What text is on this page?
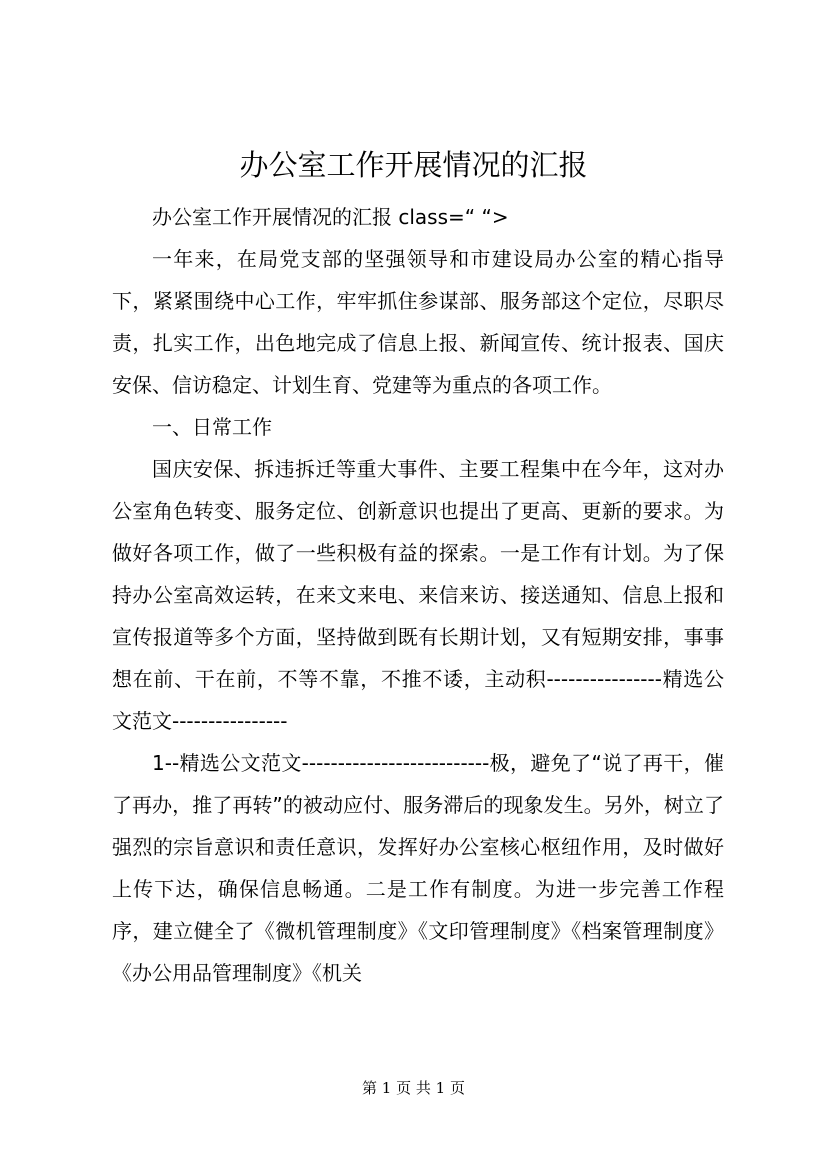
办公室工作开展情况的汇报

办公室工作开展情况的汇报 class=“ “>

一年来，在局党支部的坚强领导和市建设局办公室的精心指导下，紧紧围绕中心工作，牢牢抓住参谋部、服务部这个定位，尽职尽责，扎实工作，出色地完成了信息上报、新闻宣传、统计报表、国庆安保、信访稳定、计划生育、党建等为重点的各项工作。

一、日常工作

国庆安保、拆违拆迁等重大事件、主要工程集中在今年，这对办公室角色转变、服务定位、创新意识也提出了更高、更新的要求。为做好各项工作，做了一些积极有益的探索。一是工作有计划。为了保持办公室高效运转，在来文来电、来信来访、接送通知、信息上报和宣传报道等多个方面，坚持做到既有长期计划，又有短期安排，事事想在前、干在前，不等不靠，不推不诿，主动积----------------精选公文范文----------------

1--精选公文范文--------------------------极，避免了“说了再干，催了再办，推了再转”的被动应付、服务滞后的现象发生。另外，树立了强烈的宗旨意识和责任意识，发挥好办公室核心枢纽作用，及时做好上传下达，确保信息畅通。二是工作有制度。为进一步完善工作程序，建立健全了《微机管理制度》《文印管理制度》《档案管理制度》《办公用品管理制度》《机关

第 1 页 共 1 页
